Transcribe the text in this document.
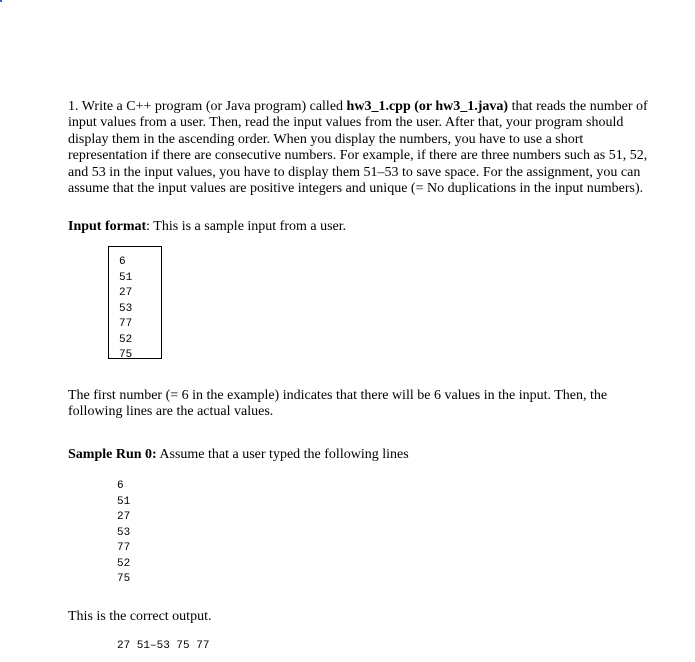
1. Write a C++ program (or Java program) called hw3_1.cpp (or hw3_1.java) that reads the number of

input values from a user. Then, read the input values from the user. After that, your program should

display them in the ascending order. When you display the numbers, you have to use a short

representation if there are consecutive numbers. For example, if there are three numbers such as 51, 52,

and 53 in the input values, you have to display them 51–53 to save space. For the assignment, you can

assume that the input values are positive integers and unique (= No duplications in the input numbers).

Input format: This is a sample input from a user.

6
51
27
53
77
52
75

The first number (= 6 in the example) indicates that there will be 6 values in the input. Then, the

following lines are the actual values.

Sample Run 0: Assume that a user typed the following lines

6
51
27
53
77
52
75

This is the correct output.

27 51–53 75 77
